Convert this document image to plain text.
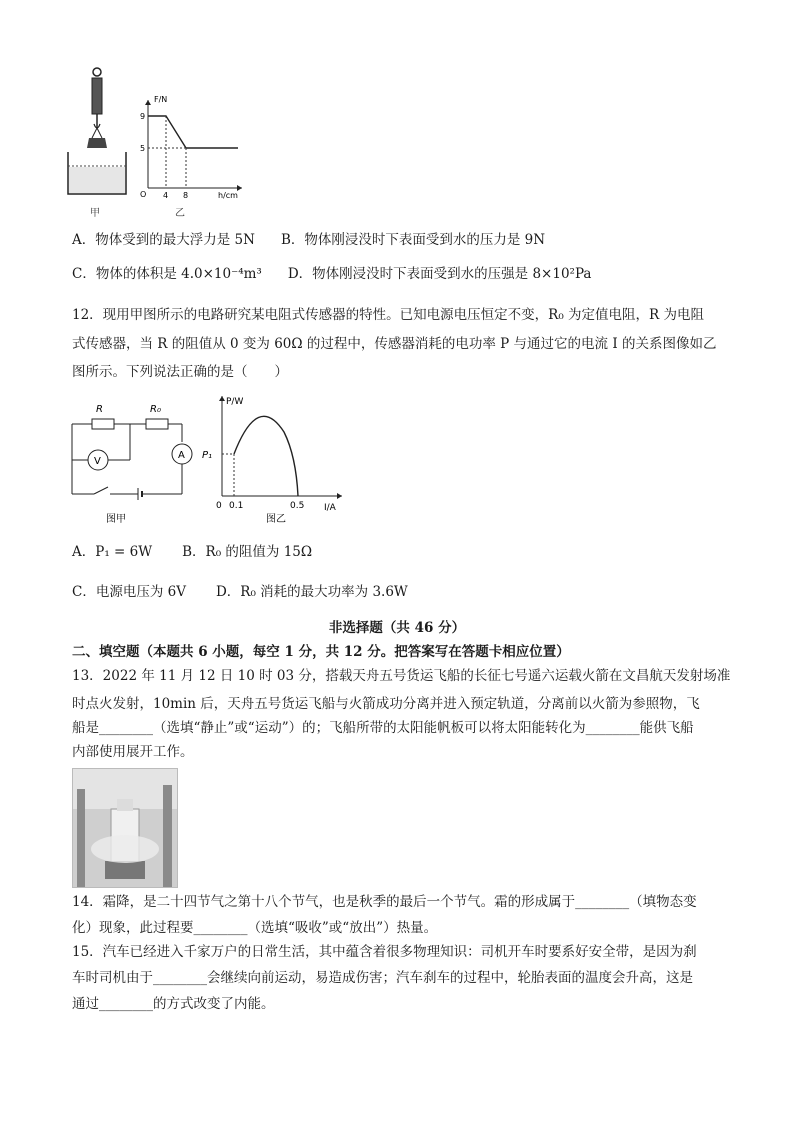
甲
F/N
h/cm
O
9
5
4 8
乙
A．物体受到的最大浮力是 5N B．物体刚浸没时下表面受到水的压力是 9N
C．物体的体积是 4.0×10⁻⁴m³ D．物体刚浸没时下表面受到水的压强是 8×10²Pa
12．现用甲图所示的电路研究某电阻式传感器的特性。已知电源电压恒定不变，R₀ 为定值电阻，R 为电阻
式传感器，当 R 的阻值从 0 变为 60Ω 的过程中，传感器消耗的电功率 P 与通过它的电流 I 的关系图像如乙
图所示。下列说法正确的是（　　）
R	R₀
V
A
图甲
P/W
I/A
P₁
0 0.1	0.5
图乙
A．P₁ = 6W B．R₀ 的阻值为 15Ω
C．电源电压为 6V D．R₀ 消耗的最大功率为 3.6W
非选择题（共 46 分）
二、填空题（本题共 6 小题，每空 1 分，共 12 分。把答案写在答题卡相应位置）
13．2022 年 11 月 12 日 10 时 03 分，搭载天舟五号货运飞船的长征七号遥六运载火箭在文昌航天发射场准
时点火发射，10min 后，天舟五号货运飞船与火箭成功分离并进入预定轨道，分离前以火箭为参照物，飞
船是________（选填“静止”或“运动”）的；飞船所带的太阳能帆板可以将太阳能转化为________能供飞船
内部使用展开工作。
14．霜降，是二十四节气之第十八个节气，也是秋季的最后一个节气。霜的形成属于________（填物态变
化）现象，此过程要________（选填“吸收”或“放出”）热量。
15．汽车已经进入千家万户的日常生活，其中蕴含着很多物理知识：司机开车时要系好安全带，是因为刹
车时司机由于________会继续向前运动，易造成伤害；汽车刹车的过程中，轮胎表面的温度会升高，这是
通过________的方式改变了内能。
